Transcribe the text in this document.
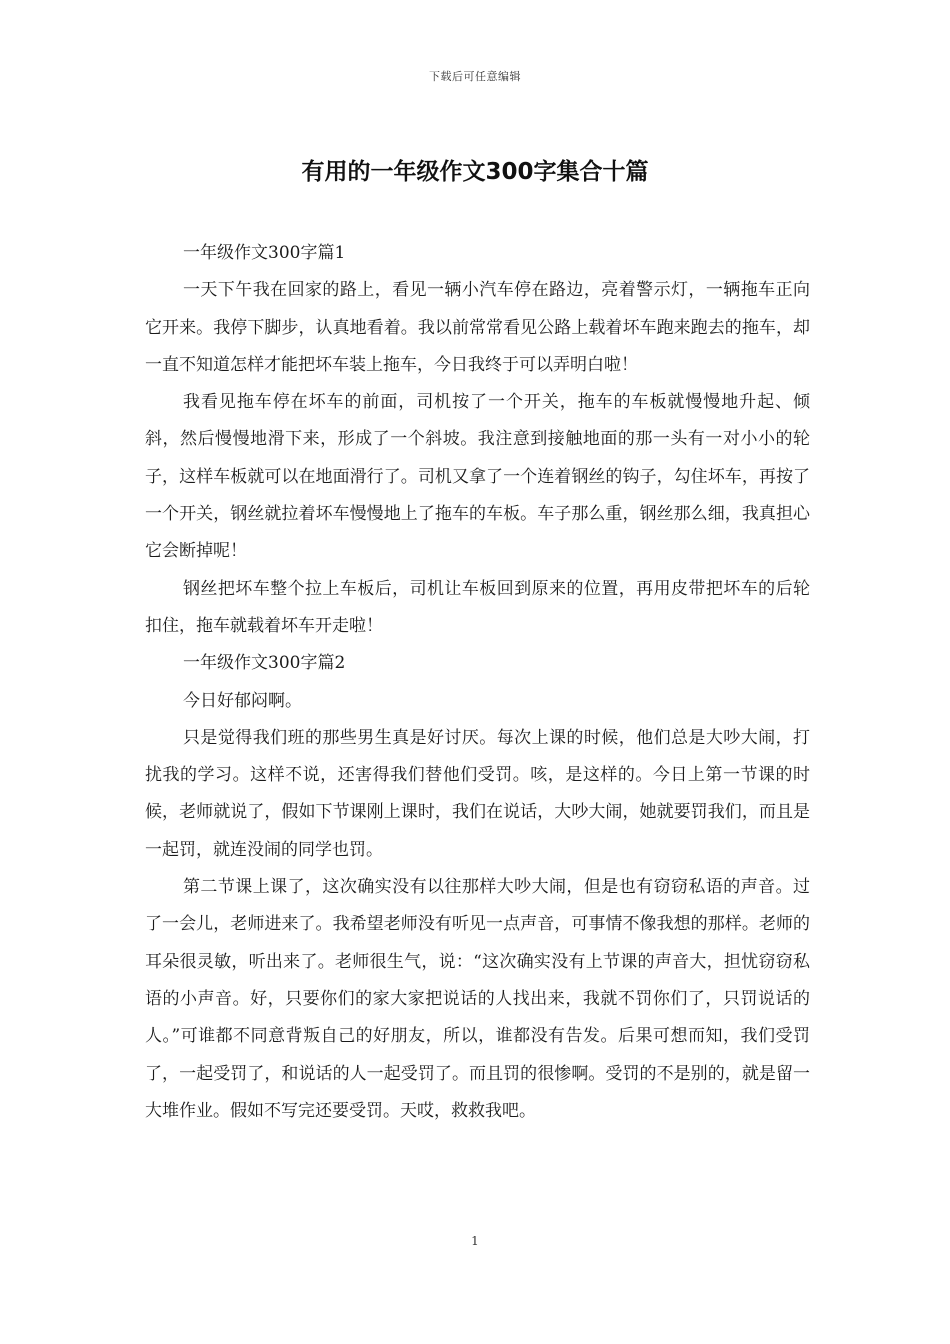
下载后可任意编辑
有用的一年级作文300字集合十篇

一年级作文300字篇1

一天下午我在回家的路上，看见一辆小汽车停在路边，亮着警示灯，一辆拖车正向它开来。我停下脚步，认真地看着。我以前常常看见公路上载着坏车跑来跑去的拖车，却一直不知道怎样才能把坏车装上拖车，今日我终于可以弄明白啦！

我看见拖车停在坏车的前面，司机按了一个开关，拖车的车板就慢慢地升起、倾斜，然后慢慢地滑下来，形成了一个斜坡。我注意到接触地面的那一头有一对小小的轮子，这样车板就可以在地面滑行了。司机又拿了一个连着钢丝的钩子，勾住坏车，再按了一个开关，钢丝就拉着坏车慢慢地上了拖车的车板。车子那么重，钢丝那么细，我真担心它会断掉呢！

钢丝把坏车整个拉上车板后，司机让车板回到原来的位置，再用皮带把坏车的后轮扣住，拖车就载着坏车开走啦！

一年级作文300字篇2

今日好郁闷啊。

只是觉得我们班的那些男生真是好讨厌。每次上课的时候，他们总是大吵大闹，打扰我的学习。这样不说，还害得我们替他们受罚。咳，是这样的。今日上第一节课的时候，老师就说了，假如下节课刚上课时，我们在说话，大吵大闹，她就要罚我们，而且是一起罚，就连没闹的同学也罚。

第二节课上课了，这次确实没有以往那样大吵大闹，但是也有窃窃私语的声音。过了一会儿，老师进来了。我希望老师没有听见一点声音，可事情不像我想的那样。老师的耳朵很灵敏，听出来了。老师很生气，说：“这次确实没有上节课的声音大，担忧窃窃私语的小声音。好，只要你们的家大家把说话的人找出来，我就不罚你们了，只罚说话的人。”可谁都不同意背叛自己的好朋友，所以，谁都没有告发。后果可想而知，我们受罚了，一起受罚了，和说话的人一起受罚了。而且罚的很惨啊。受罚的不是别的，就是留一大堆作业。假如不写完还要受罚。天哎，救救我吧。

1
